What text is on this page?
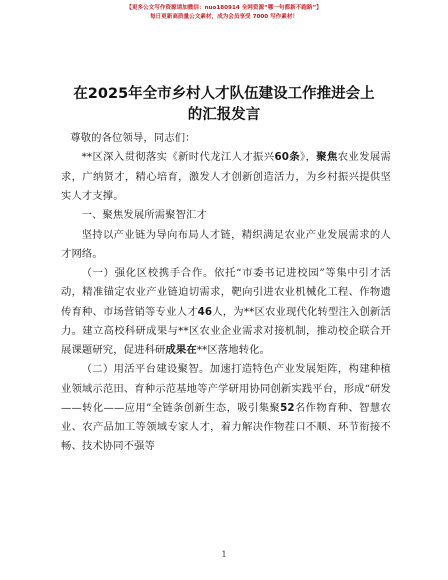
【更多公文写作资源请加微信：nuo180914 全网资源“哪一句都新不跑路”】
每日更新高质量公文素材，成为会员享受 7000 写作素材！
在2025年全市乡村人才队伍建设工作推进会上
的汇报发言

尊敬的各位领导，同志们：

**区深入贯彻落实《新时代龙江人才振兴60条》，聚焦农业发展需求，广纳贤才，精心培育，激发人才创新创造活力，为乡村振兴提供坚实人才支撑。

一、聚焦发展所需聚智汇才

坚持以产业链为导向布局人才链，精织满足农业产业发展需求的人才网络。

（一）强化区校携手合作。依托“市委书记进校园”等集中引才活动，精准锚定农业产业链迫切需求，靶向引进农业机械化工程、作物遗传育种、市场营销等专业人才46人，为**区农业现代化转型注入创新活力。建立高校科研成果与**区农业企业需求对接机制，推动校企联合开展课题研究，促进科研成果在**区落地转化。

（二）用活平台建设聚智。加速打造特色产业发展矩阵，构建种植业领域示范田、育种示范基地等产学研用协同创新实践平台，形成“研发——转化——应用”全链条创新生态，吸引集聚52名作物育种、智慧农业、农产品加工等领域专家人才，着力解决作物茬口不顺、环节衔接不畅、技术协同不强等

1
